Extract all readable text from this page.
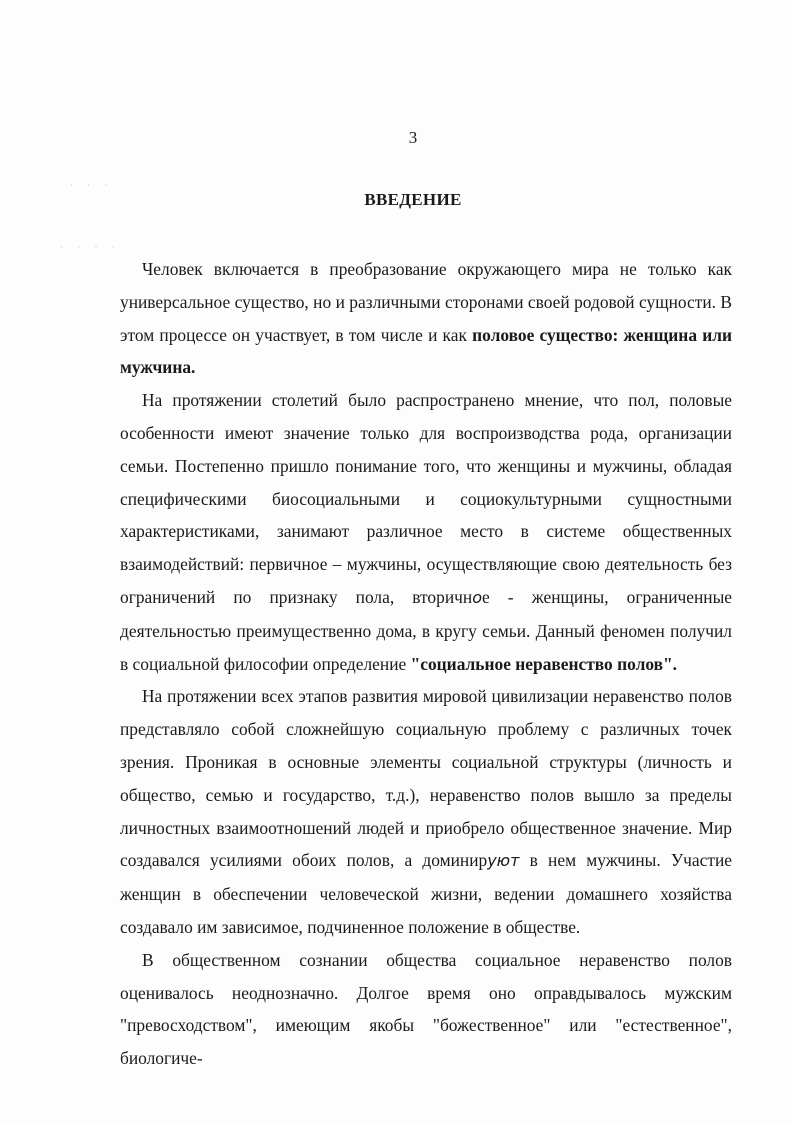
· · ·
· · · ·
3
ВВЕДЕНИЕ

Человек включается в преобразование окружающего мира не только как универсальное существо, но и различными сторонами своей родовой сущности. В этом процессе он участвует, в том числе и как половое существо: женщина или мужчина.

На протяжении столетий было распространено мнение, что пол, половые особенности имеют значение только для воспроизводства рода, организации семьи. Постепенно пришло понимание того, что женщины и мужчины, обладая специфическими биосоциальными и социокультурными сущностными характеристиками, занимают различное место в системе общественных взаимодействий: первичное – мужчины, осуществляющие свою деятельность без ограничений по признаку пола, вторичное - женщины, ограниченные деятельностью преимущественно дома, в кругу семьи. Данный феномен получил в социальной философии определение "социальное неравенство полов".

На протяжении всех этапов развития мировой цивилизации неравенство полов представляло собой сложнейшую социальную проблему с различных точек зрения. Проникая в основные элементы социальной структуры (личность и общество, семью и государство, т.д.), неравенство полов вышло за пределы личностных взаимоотношений людей и приобрело общественное значение. Мир создавался усилиями обоих полов, а доминируют в нем мужчины. Участие женщин в обеспечении человеческой жизни, ведении домашнего хозяйства создавало им зависимое, подчиненное положение в обществе.

В общественном сознании общества социальное неравенство полов оценивалось неоднозначно. Долгое время оно оправдывалось мужским "превосходством", имеющим якобы "божественное" или "естественное", биологиче-
